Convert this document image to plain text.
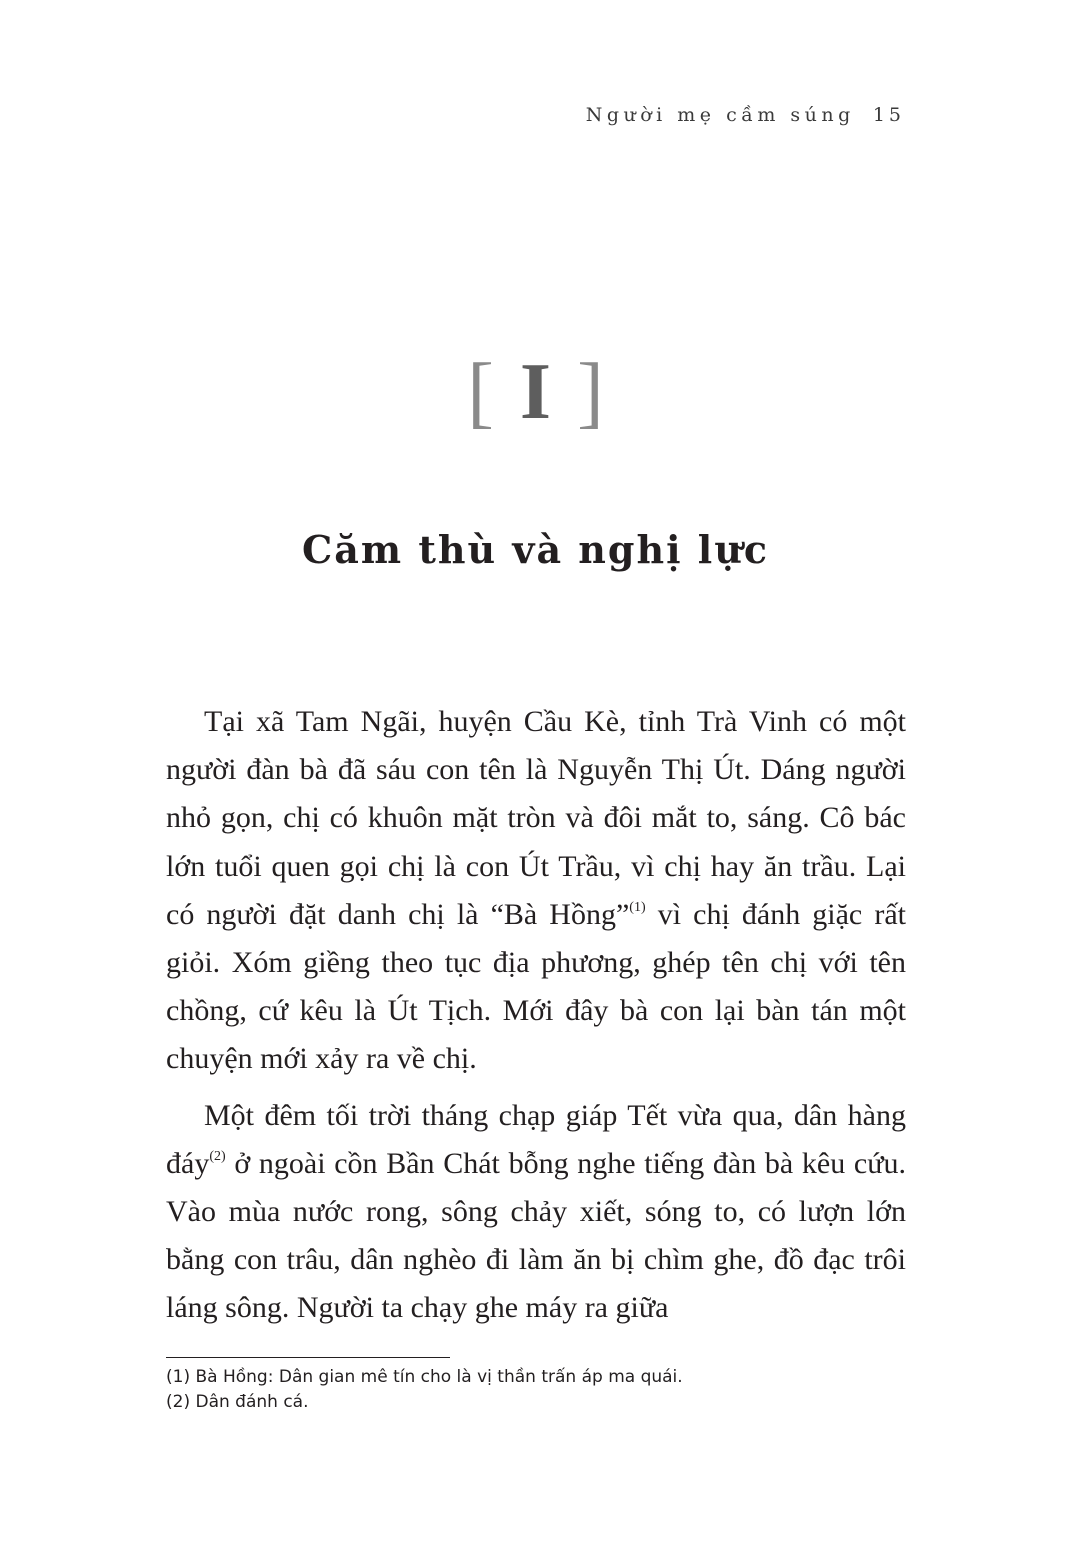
Người mẹ cầm súng 15
[ I ]
Căm thù và nghị lực

Tại xã Tam Ngãi, huyện Cầu Kè, tỉnh Trà Vinh có một người đàn bà đã sáu con tên là Nguyễn Thị Út. Dáng người nhỏ gọn, chị có khuôn mặt tròn và đôi mắt to, sáng. Cô bác lớn tuổi quen gọi chị là con Út Trầu, vì chị hay ăn trầu. Lại có người đặt danh chị là “Bà Hồng”$^{(1)}$ vì chị đánh giặc rất giỏi. Xóm giềng theo tục địa phương, ghép tên chị với tên chồng, cứ kêu là Út Tịch. Mới đây bà con lại bàn tán một chuyện mới xảy ra về chị.

Một đêm tối trời tháng chạp giáp Tết vừa qua, dân hàng đáy$^{(2)}$ ở ngoài cồn Bần Chát bỗng nghe tiếng đàn bà kêu cứu. Vào mùa nước rong, sông chảy xiết, sóng to, có lượn lớn bằng con trâu, dân nghèo đi làm ăn bị chìm ghe, đồ đạc trôi láng sông. Người ta chạy ghe máy ra giữa

(1) Bà Hồng: Dân gian mê tín cho là vị thần trấn áp ma quái.

(2) Dân đánh cá.
